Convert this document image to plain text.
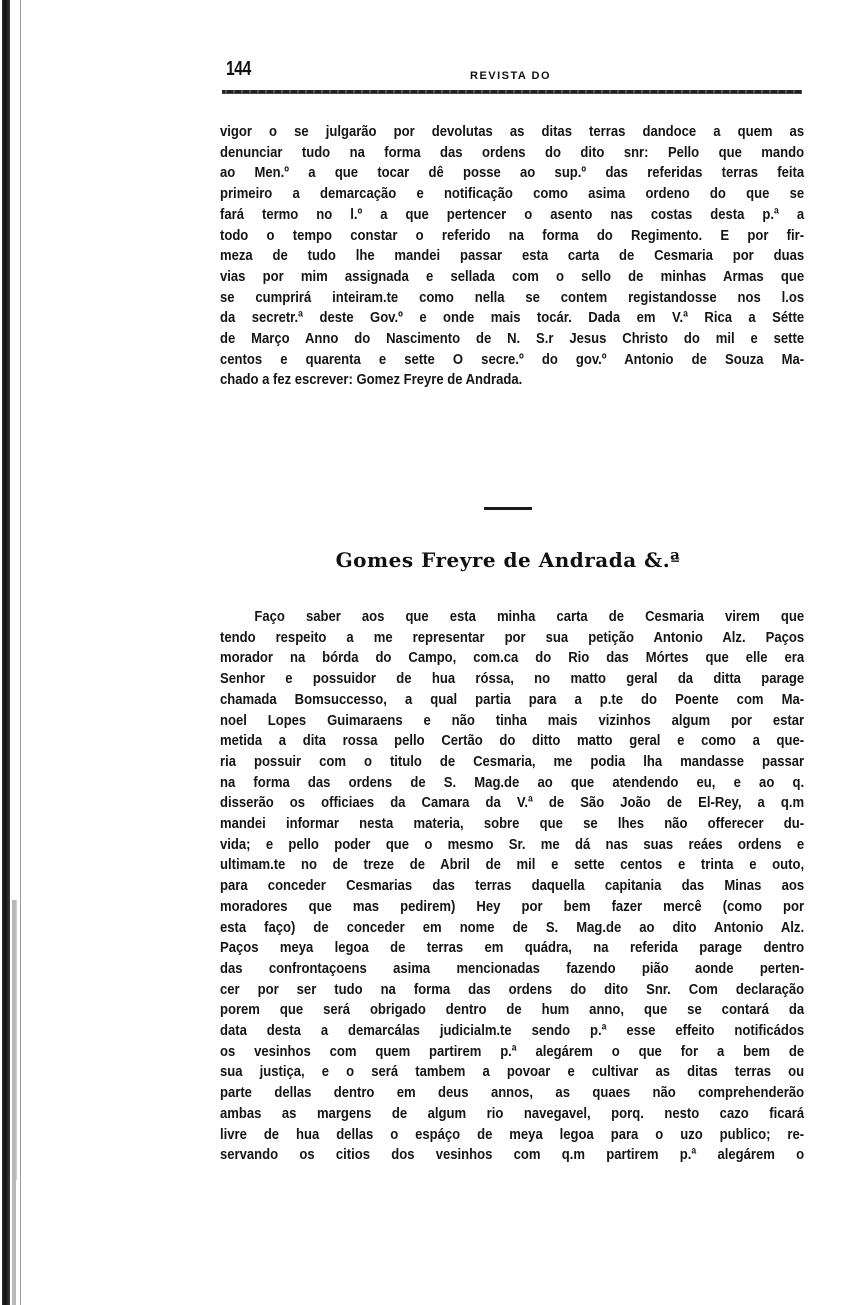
144	REVISTA DO
vigor o se julgarão por devolutas as ditas terras dandoce a quem as
denunciar tudo na forma das ordens do dito snr: Pello que mando
ao Men.º a que tocar dê posse ao sup.º das referidas terras feita
primeiro a demarcação e notificação como asima ordeno do que se
fará termo no l.º a que pertencer o asento nas costas desta p.ª a
todo o tempo constar o referido na forma do Regimento. E por fir-
meza de tudo lhe mandei passar esta carta de Cesmaria por duas
vias por mim assignada e sellada com o sello de minhas Armas que
se cumprirá inteiram.te como nella se contem registandosse nos l.os
da secretr.ª deste Gov.º e onde mais tocár. Dada em V.ª Rica a Sétte
de Março Anno do Nascimento de N. S.r Jesus Christo do mil e sette
centos e quarenta e sette O secre.º do gov.º Antonio de Souza Ma-
chado a fez escrever: Gomez Freyre de Andrada.
Gomes Freyre de Andrada &.ª
Faço saber aos que esta minha carta de Cesmaria virem que
tendo respeito a me representar por sua petição Antonio Alz. Paços
morador na bórda do Campo, com.ca do Rio das Mórtes que elle era
Senhor e possuidor de hua róssa, no matto geral da ditta parage
chamada Bomsuccesso, a qual partia para a p.te do Poente com Ma-
noel Lopes Guimaraens e não tinha mais vizinhos algum por estar
metida a dita rossa pello Certão do ditto matto geral e como a que-
ria possuir com o titulo de Cesmaria, me podia lha mandasse passar
na forma das ordens de S. Mag.de ao que atendendo eu, e ao q.
disserão os officiaes da Camara da V.ª de São João de El-Rey, a q.m
mandei informar nesta materia, sobre que se lhes não offerecer du-
vida; e pello poder que o mesmo Sr. me dá nas suas reáes ordens e
ultimam.te no de treze de Abril de mil e sette centos e trinta e outo,
para conceder Cesmarias das terras daquella capitania das Minas aos
moradores que mas pedirem) Hey por bem fazer mercê (como por
esta faço) de conceder em nome de S. Mag.de ao dito Antonio Alz.
Paços meya legoa de terras em quádra, na referida parage dentro
das confrontaçoens asima mencionadas fazendo pião aonde perten-
cer por ser tudo na forma das ordens do dito Snr. Com declaração
porem que será obrigado dentro de hum anno, que se contará da
data desta a demarcálas judicialm.te sendo p.ª esse effeito notificádos
os vesinhos com quem partirem p.ª alegárem o que for a bem de
sua justiça, e o será tambem a povoar e cultivar as ditas terras ou
parte dellas dentro em deus annos, as quaes não comprehenderão
ambas as margens de algum rio navegavel, porq. nesto cazo ficará
livre de hua dellas o espáço de meya legoa para o uzo publico; re-
servando os citios dos vesinhos com q.m partirem p.ª alegárem o
